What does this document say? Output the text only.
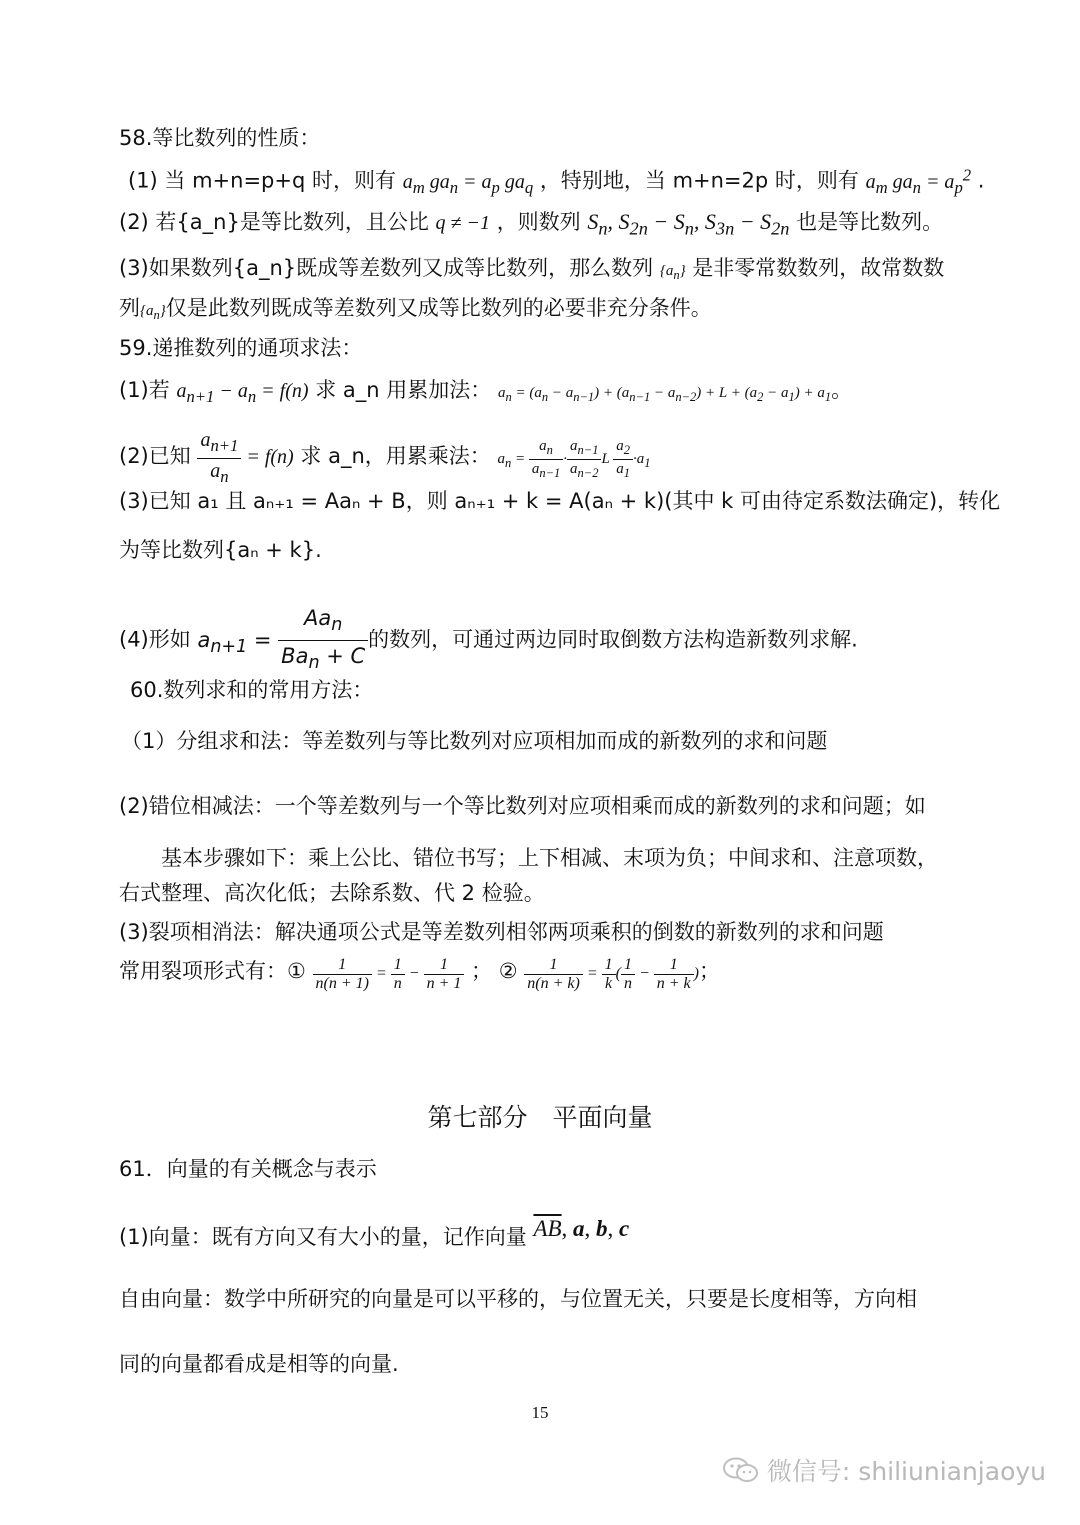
58.等比数列的性质：
(1) 当 m+n=p+q 时，则有 $a_m$ $ga_n = a_p$ $ga_q$ ，特别地，当 m+n=2p 时，则有 $a_m$ $ga_n = a_p^2$ .
(2) 若{a_n}是等比数列，且公比 q ≠ −1 ，则数列 $S_n$, $S_{2n} - S_n$, $S_{3n} - S_{2n}$ 也是等比数列。
(3)如果数列{a_n}既成等差数列又成等比数列，那么数列 $\{a_n\}$ 是非零常数数列，故常数数
列$\{a_n\}$仅是此数列既成等差数列又成等比数列的必要非充分条件。
59.递推数列的通项求法：
(1)若 $a_{n+1} - a_n = f(n)$ 求 a_n 用累加法： $a_n = (a_n - a_{n-1}) + (a_{n-1} - a_{n-2}) + L + (a_2 - a_1) + a_1$。
(2)已知 $\frac{a_{n+1}}{a_n} = f(n)$ 求 a_n，用累乘法： $a_n = \frac{a_n}{a_{n-1}} \cdot \frac{a_{n-1}}{a_{n-2}}$ L $\frac{a_2}{a_1} \cdot a_1$
(3)已知 a₁ 且 aₙ₊₁ = Aaₙ + B，则 aₙ₊₁ + k = A(aₙ + k)(其中 k 可由待定系数法确定)，转化
为等比数列{aₙ + k}.
(4)形如 $a_{n+1} = \frac{Aa_n}{Ba_n + C}$ 的数列，可通过两边同时取倒数方法构造新数列求解.
60.数列求和的常用方法：
（1）分组求和法：等差数列与等比数列对应项相加而成的新数列的求和问题
(2)错位相减法：一个等差数列与一个等比数列对应项相乘而成的新数列的求和问题；如
基本步骤如下：乘上公比、错位书写；上下相减、末项为负；中间求和、注意项数，
右式整理、高次化低；去除系数、代 2 检验。
(3)裂项相消法：解决通项公式是等差数列相邻两项乘积的倒数的新数列的求和问题
常用裂项形式有：① $\frac{1}{n(n + 1)} = \frac{1}{n} - \frac{1}{n + 1}$ ； ② $\frac{1}{n(n + k)} = \frac{1}{k}$ ( $\frac{1}{n} - \frac{1}{n + k}$ )；
第七部分　平面向量
61．向量的有关概念与表示
(1)向量：既有方向又有大小的量，记作向量 $\overline{AB}$, a, b, c
自由向量：数学中所研究的向量是可以平移的，与位置无关，只要是长度相等，方向相
同的向量都看成是相等的向量.
15
微信号: shiliunianjaoyu
